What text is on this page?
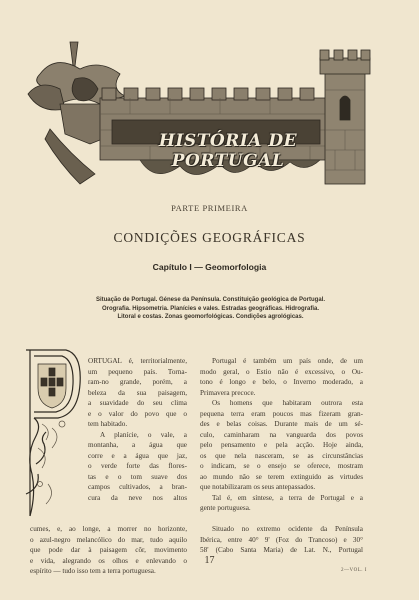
HISTÓRIA DE PORTUGAL
PARTE PRIMEIRA
CONDIÇÕES GEOGRÁFICAS
Capítulo I — Geomorfologia
Situação de Portugal. Génese da Península. Constituição geológica de Portugal.
Orografia. Hipsometria. Planícies e vales. Estradas geográficas. Hidrografia.
Litoral e costas. Zonas geomorfológicas. Condições agrológicas.
ORTUGAL é, territorialmente,
um pequeno país. Torna-
ram-no grande, porém, a
beleza da sua paisagem,
a suavidade do seu clima
e o valor do povo que o
tem habitado.
A planície, o vale, a
montanha, a água que
corre e a água que jaz,
o verde forte das flores-
tas e o tom suave dos
campos cultivados, a bran-
cura da neve nos altos
cumes, e, ao longe, a morrer no horizonte,
o azul-negro melancólico do mar, tudo aquilo
que pode dar à paisagem côr, movimento
e vida, alegrando os olhos e enlevando o
espírito — tudo isso tem a terra portuguesa.
Portugal é também um país onde, de um
modo geral, o Estio não é excessivo, o Ou-
tono é longo e belo, o Inverno moderado, a
Primavera precoce.
Os homens que habitaram outrora esta
pequena terra eram poucos mas fizeram gran-
des e belas coisas. Durante mais de um sé-
culo, caminharam na vanguarda dos povos
pelo pensamento e pela acção. Hoje ainda,
os que nela nasceram, se as circunstâncias
o indicam, se o ensejo se oferece, mostram
ao mundo não se terem extinguido as virtudes
que notabilizaram os seus antepassados.
Tal é, em síntese, a terra de Portugal e a
gente portuguesa.

Situado no extremo ocidente da Península
Ibérica, entre 40° 9' (Foz do Trancoso) e 30°
58' (Cabo Santa Maria) de Lat. N., Portugal
17
2—VOL. I
